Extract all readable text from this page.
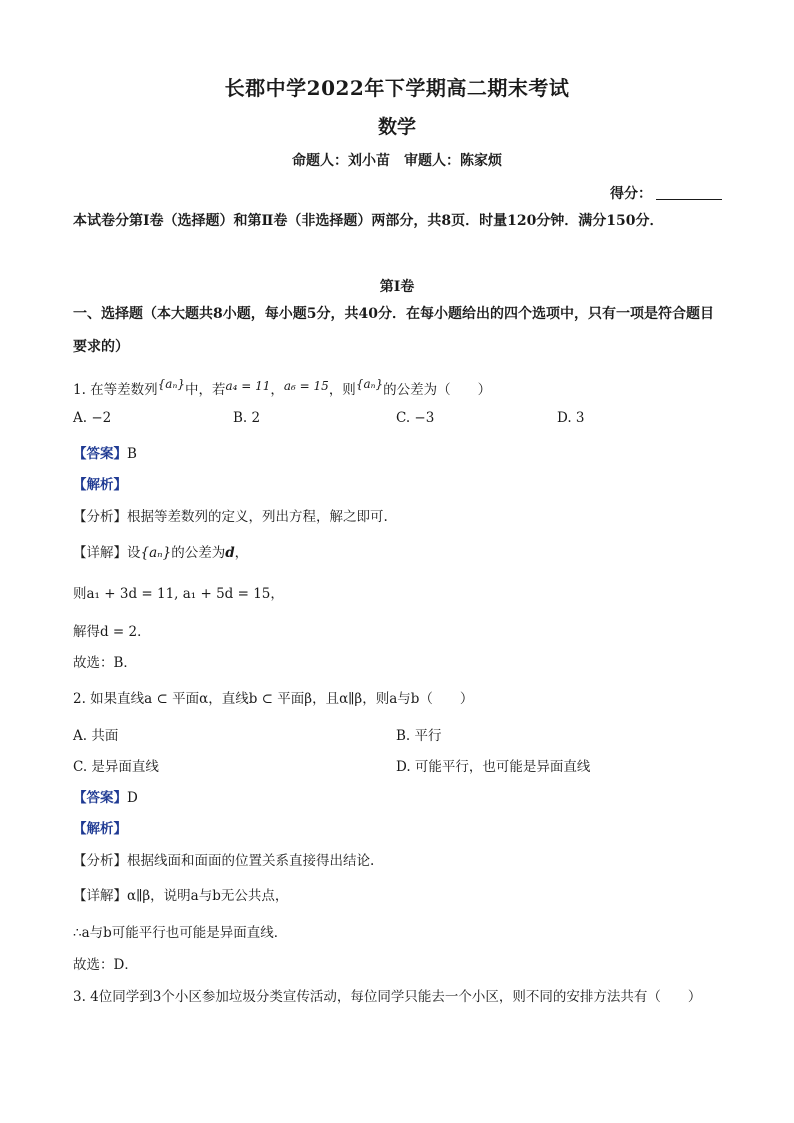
长郡中学2022年下学期高二期末考试
数学
命题人：刘小苗 审题人：陈家烦
得分：
本试卷分第Ⅰ卷（选择题）和第Ⅱ卷（非选择题）两部分，共8页．时量120分钟．满分150分．
第Ⅰ卷
一、选择题（本大题共8小题，每小题5分，共40分．在每小题给出的四个选项中，只有一项是符合题目要求的）
1. 在等差数列{aₙ}中，若a₄ = 11，a₆ = 15，则{aₙ}的公差为（　　）
A. −2	B. 2	C. −3	D. 3
【答案】B
【解析】
【分析】根据等差数列的定义，列出方程，解之即可.
【详解】设{aₙ}的公差为d，
则a₁ + 3d = 11, a₁ + 5d = 15，
解得d = 2．
故选：B．
2. 如果直线a ⊂ 平面α，直线b ⊂ 平面β，且α∥β，则a与b（　　）
A. 共面	B. 平行
C. 是异面直线	D. 可能平行，也可能是异面直线
【答案】D
【解析】
【分析】根据线面和面面的位置关系直接得出结论.
【详解】α∥β，说明a与b无公共点，
∴a与b可能平行也可能是异面直线．
故选：D．
3. 4位同学到3个小区参加垃圾分类宣传活动，每位同学只能去一个小区，则不同的安排方法共有（　　）
